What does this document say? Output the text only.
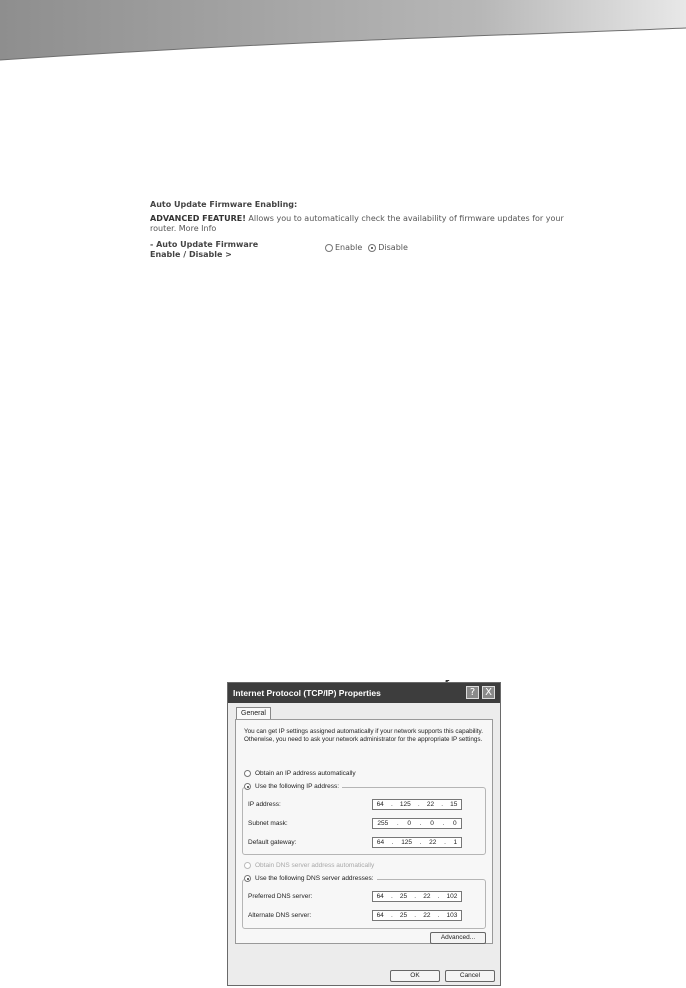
Auto Update Firmware Enabling:
ADVANCED FEATURE! Allows you to automatically check the availability of firmware updates for your router. More Info
- Auto Update Firmware
Enable / Disable >
Enable Disable
Internet Protocol (TCP/IP) Properties	? X
General
You can get IP settings assigned automatically if your network supports this capability. Otherwise, you need to ask your network administrator for the appropriate IP settings.
Obtain an IP address automatically
Use the following IP address:
IP address:	64 . 125 . 22 . 15
Subnet mask:	255 . 0 . 0 . 0
Default gateway:	64 . 125 . 22 . 1
Obtain DNS server address automatically
Use the following DNS server addresses:
Preferred DNS server:	64 . 25 . 22 . 102
Alternate DNS server:	64 . 25 . 22 . 103
Advanced...
OK	Cancel
